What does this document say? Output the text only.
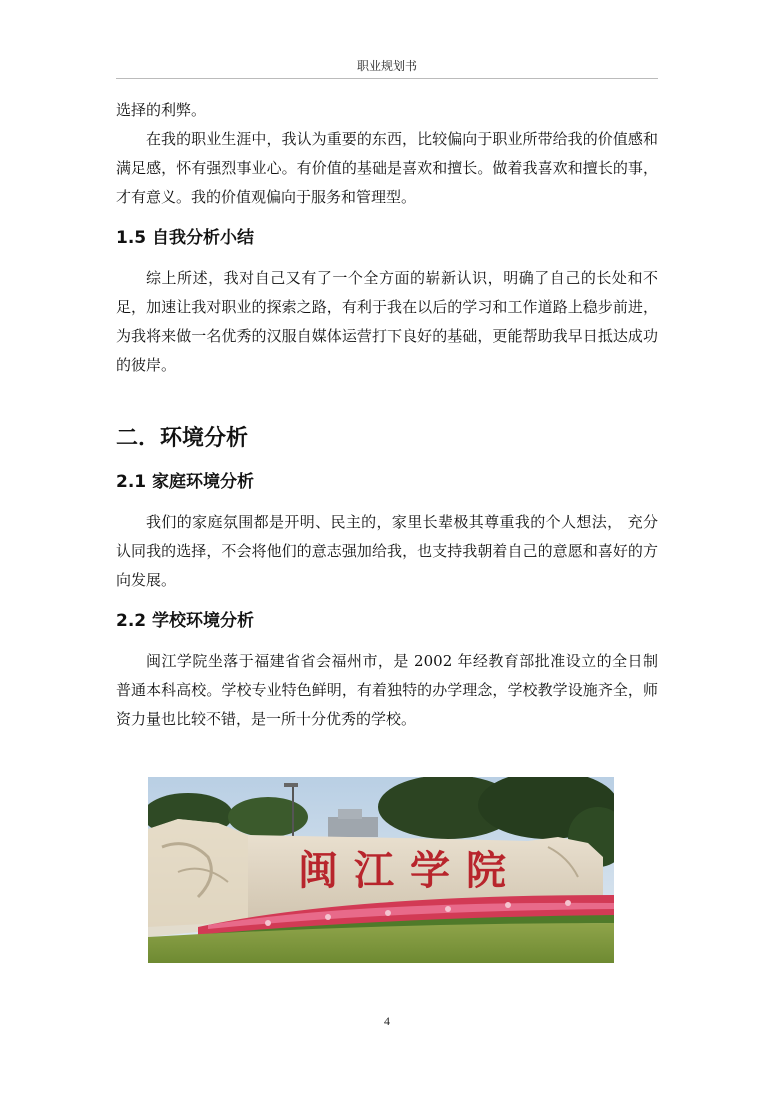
职业规划书

选择的利弊。

在我的职业生涯中，我认为重要的东西，比较偏向于职业所带给我的价值感和满足感，怀有强烈事业心。有价值的基础是喜欢和擅长。做着我喜欢和擅长的事，才有意义。我的价值观偏向于服务和管理型。

1.5 自我分析小结

综上所述，我对自己又有了一个全方面的崭新认识，明确了自己的长处和不足，加速让我对职业的探索之路，有利于我在以后的学习和工作道路上稳步前进，为我将来做一名优秀的汉服自媒体运营打下良好的基础，更能帮助我早日抵达成功的彼岸。

二．环境分析
2.1 家庭环境分析

我们的家庭氛围都是开明、民主的，家里长辈极其尊重我的个人想法， 充分认同我的选择，不会将他们的意志强加给我，也支持我朝着自己的意愿和喜好的方向发展。

2.2 学校环境分析

闽江学院坐落于福建省省会福州市，是 2002 年经教育部批准设立的全日制普通本科高校。学校专业特色鲜明，有着独特的办学理念，学校教学设施齐全，师资力量也比较不错，是一所十分优秀的学校。

闽江学院
4
